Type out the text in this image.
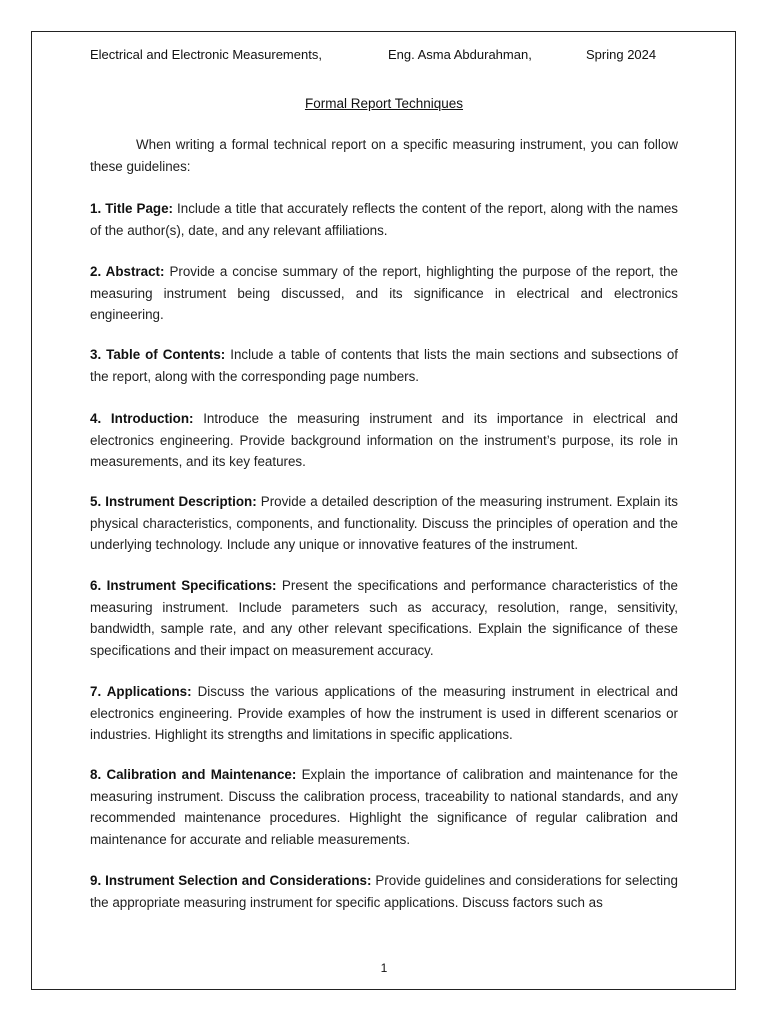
Electrical and Electronic Measurements,	Eng. Asma Abdurahman,	Spring 2024
Formal Report Techniques

When writing a formal technical report on a specific measuring instrument, you can follow these guidelines:

1. Title Page: Include a title that accurately reflects the content of the report, along with the names of the author(s), date, and any relevant affiliations.

2. Abstract: Provide a concise summary of the report, highlighting the purpose of the report, the measuring instrument being discussed, and its significance in electrical and electronics engineering.

3. Table of Contents: Include a table of contents that lists the main sections and subsections of the report, along with the corresponding page numbers.

4. Introduction: Introduce the measuring instrument and its importance in electrical and electronics engineering. Provide background information on the instrument’s purpose, its role in measurements, and its key features.

5. Instrument Description: Provide a detailed description of the measuring instrument. Explain its physical characteristics, components, and functionality. Discuss the principles of operation and the underlying technology. Include any unique or innovative features of the instrument.

6. Instrument Specifications: Present the specifications and performance characteristics of the measuring instrument. Include parameters such as accuracy, resolution, range, sensitivity, bandwidth, sample rate, and any other relevant specifications. Explain the significance of these specifications and their impact on measurement accuracy.

7. Applications: Discuss the various applications of the measuring instrument in electrical and electronics engineering. Provide examples of how the instrument is used in different scenarios or industries. Highlight its strengths and limitations in specific applications.

8. Calibration and Maintenance: Explain the importance of calibration and maintenance for the measuring instrument. Discuss the calibration process, traceability to national standards, and any recommended maintenance procedures. Highlight the significance of regular calibration and maintenance for accurate and reliable measurements.

9. Instrument Selection and Considerations: Provide guidelines and considerations for selecting the appropriate measuring instrument for specific applications. Discuss factors such as

1
